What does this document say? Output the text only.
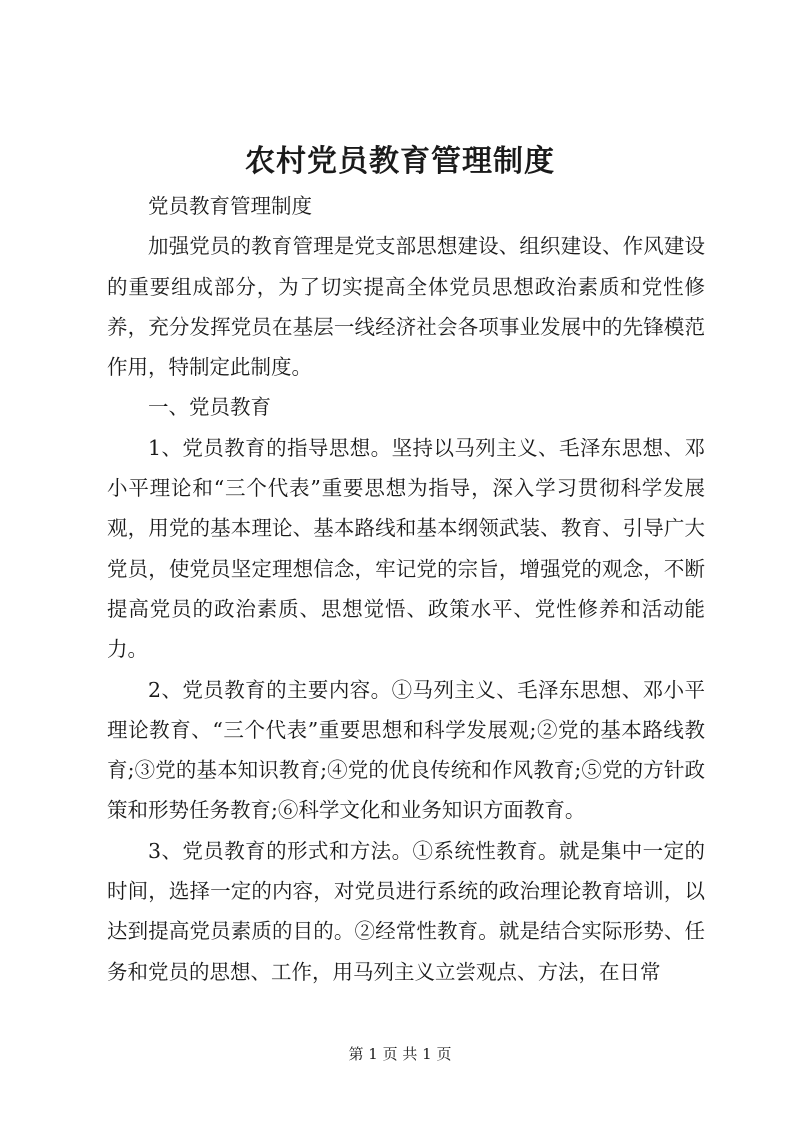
农村党员教育管理制度

党员教育管理制度

加强党员的教育管理是党支部思想建设、组织建设、作风建设的重要组成部分，为了切实提高全体党员思想政治素质和党性修养，充分发挥党员在基层一线经济社会各项事业发展中的先锋模范作用，特制定此制度。

一、党员教育

1、党员教育的指导思想。坚持以马列主义、毛泽东思想、邓小平理论和“三个代表”重要思想为指导，深入学习贯彻科学发展观，用党的基本理论、基本路线和基本纲领武装、教育、引导广大党员，使党员坚定理想信念，牢记党的宗旨，增强党的观念，不断提高党员的政治素质、思想觉悟、政策水平、党性修养和活动能力。

2、党员教育的主要内容。①马列主义、毛泽东思想、邓小平理论教育、“三个代表”重要思想和科学发展观;②党的基本路线教育;③党的基本知识教育;④党的优良传统和作风教育;⑤党的方针政策和形势任务教育;⑥科学文化和业务知识方面教育。

3、党员教育的形式和方法。①系统性教育。就是集中一定的时间，选择一定的内容，对党员进行系统的政治理论教育培训，以达到提高党员素质的目的。②经常性教育。就是结合实际形势、任务和党员的思想、工作，用马列主义立尝观点、方法，在日常

第 1 页 共 1 页
